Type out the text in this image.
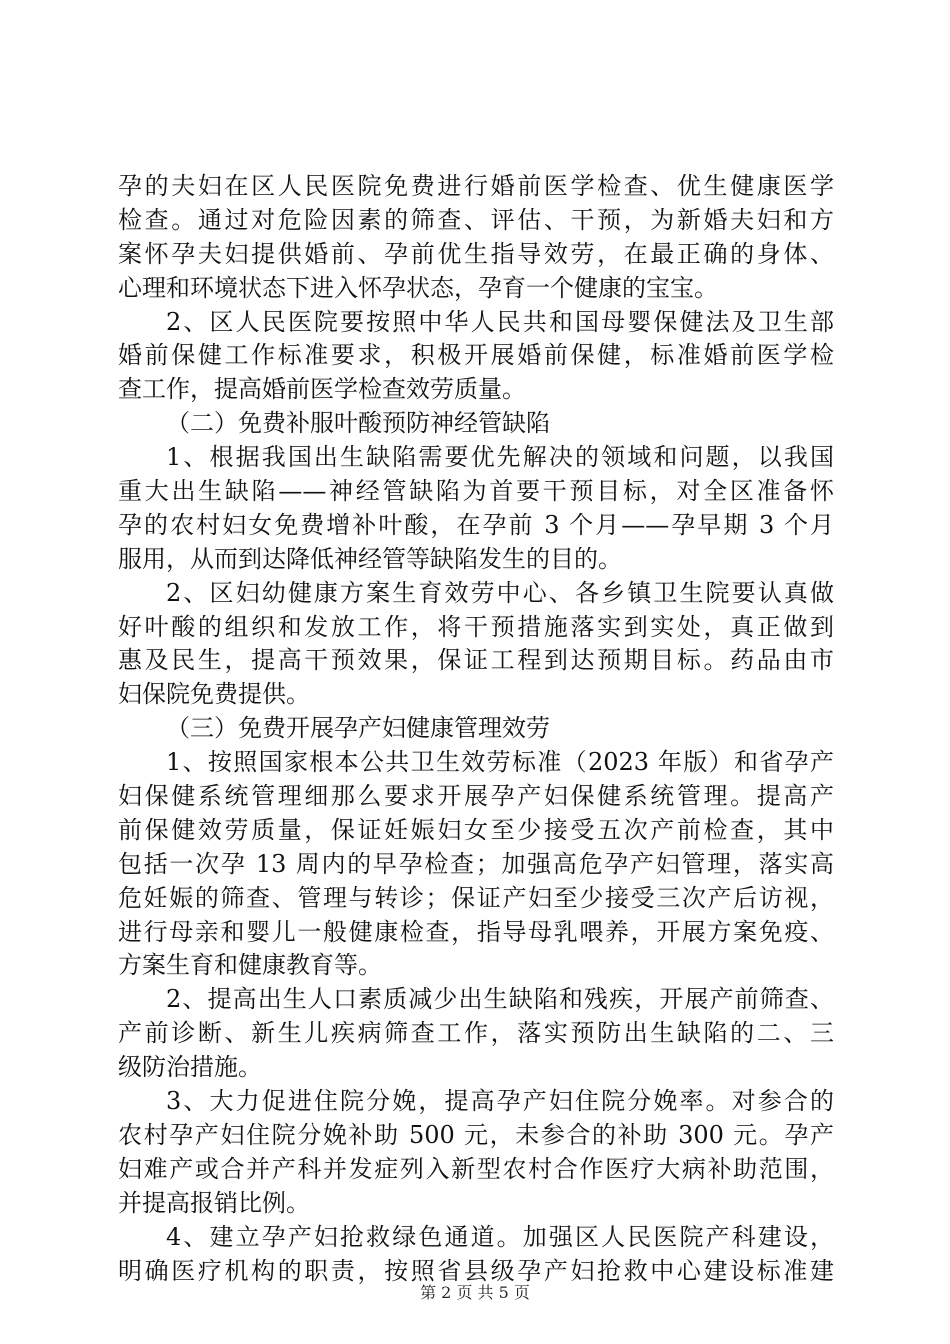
孕的夫妇在区人民医院免费进行婚前医学检查、优生健康医学
检查。通过对危险因素的筛查、评估、干预，为新婚夫妇和方
案怀孕夫妇提供婚前、孕前优生指导效劳，在最正确的身体、
心理和环境状态下进入怀孕状态，孕育一个健康的宝宝。
2、区人民医院要按照中华人民共和国母婴保健法及卫生部
婚前保健工作标准要求，积极开展婚前保健，标准婚前医学检
查工作，提高婚前医学检查效劳质量。
（二）免费补服叶酸预防神经管缺陷
1、根据我国出生缺陷需要优先解决的领域和问题，以我国
重大出生缺陷——神经管缺陷为首要干预目标，对全区准备怀
孕的农村妇女免费增补叶酸，在孕前 3 个月——孕早期 3 个月
服用，从而到达降低神经管等缺陷发生的目的。
2、区妇幼健康方案生育效劳中心、各乡镇卫生院要认真做
好叶酸的组织和发放工作，将干预措施落实到实处，真正做到
惠及民生，提高干预效果，保证工程到达预期目标。药品由市
妇保院免费提供。
（三）免费开展孕产妇健康管理效劳
1、按照国家根本公共卫生效劳标准（2023 年版）和省孕产
妇保健系统管理细那么要求开展孕产妇保健系统管理。提高产
前保健效劳质量，保证妊娠妇女至少接受五次产前检查，其中
包括一次孕 13 周内的早孕检查；加强高危孕产妇管理，落实高
危妊娠的筛查、管理与转诊；保证产妇至少接受三次产后访视，
进行母亲和婴儿一般健康检查，指导母乳喂养，开展方案免疫、
方案生育和健康教育等。
2、提高出生人口素质减少出生缺陷和残疾，开展产前筛查、
产前诊断、新生儿疾病筛查工作，落实预防出生缺陷的二、三
级防治措施。
3、大力促进住院分娩，提高孕产妇住院分娩率。对参合的
农村孕产妇住院分娩补助 500 元，未参合的补助 300 元。孕产
妇难产或合并产科并发症列入新型农村合作医疗大病补助范围，
并提高报销比例。
4、建立孕产妇抢救绿色通道。加强区人民医院产科建设，
明确医疗机构的职责，按照省县级孕产妇抢救中心建设标准建
第 2 页 共 5 页
